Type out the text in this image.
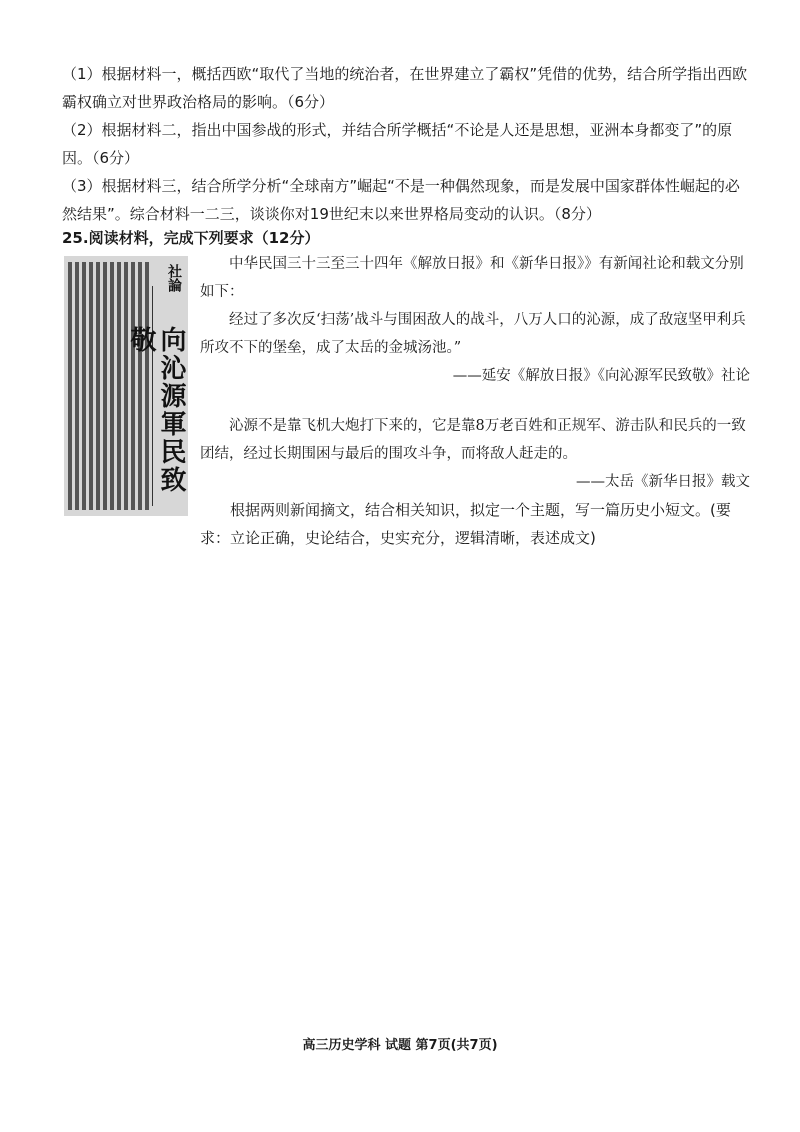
（1）根据材料一，概括西欧“取代了当地的统治者，在世界建立了霸权”凭借的优势，结合所学指出西欧霸权确立对世界政治格局的影响。（6分）

（2）根据材料二，指出中国参战的形式，并结合所学概括“不论是人还是思想，亚洲本身都变了”的原因。（6分）

（3）根据材料三，结合所学分析“全球南方”崛起“不是一种偶然现象，而是发展中国家群体性崛起的必然结果”。综合材料一二三，谈谈你对19世纪末以来世界格局变动的认识。（8分）

25.阅读材料，完成下列要求（12分）
社論
向沁源軍民致敬

中华民国三十三至三十四年《解放日报》和《新华日报》》有新闻社论和载文分别如下：

经过了多次反‘扫荡’战斗与围困敌人的战斗，八万人口的沁源，成了敌寇坚甲利兵所攻不下的堡垒，成了太岳的金城汤池。”

——延安《解放日报》《向沁源军民致敬》社论

沁源不是靠飞机大炮打下来的，它是靠8万老百姓和正规军、游击队和民兵的一致团结，经过长期围困与最后的围攻斗争，而将敌人赶走的。

——太岳《新华日报》载文

根据两则新闻摘文，结合相关知识，拟定一个主题，写一篇历史小短文。(要求：立论正确，史论结合，史实充分，逻辑清晰，表述成文)

高三历史学科 试题 第7页(共7页)
